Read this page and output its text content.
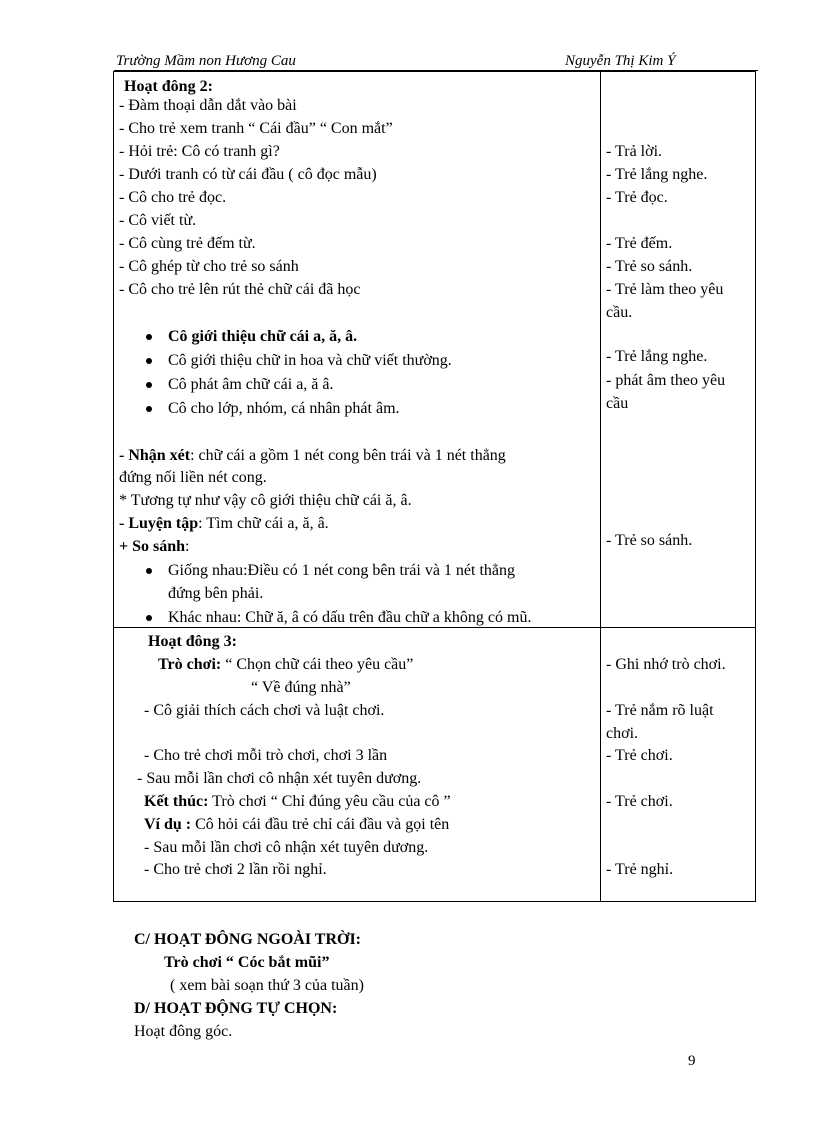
Trường Mầm non Hương Cau	Nguyễn Thị Kim Ý
Hoạt đông 2:
- Đàm thoại dẫn dắt vào bài
- Cho trẻ xem tranh “ Cái đầu” “ Con mắt”
- Hỏi trẻ: Cô có tranh gì?
- Dưới tranh có từ cái đầu ( cô đọc mẫu)
- Cô cho trẻ đọc.
- Cô viết từ.
- Cô cùng trẻ đếm từ.
- Cô ghép từ cho trẻ so sánh
- Cô cho trẻ lên rút thẻ chữ cái đã học
Cô giới thiệu chữ cái a, ă, â.
Cô giới thiệu chữ in hoa và chữ viết thường.
Cô phát âm chữ cái a, ă â.
Cô cho lớp, nhóm, cá nhân phát âm.
- Nhận xét: chữ cái a gồm 1 nét cong bên trái và 1 nét thẳng
đứng nối liền nét cong.
* Tương tự như vậy cô giới thiệu chữ cái ă, â.
- Luyện tập: Tìm chữ cái a, ă, â.
+ So sánh:
Giống nhau:Điều có 1 nét cong bên trái và 1 nét thẳng
đứng bên phải.
Khác nhau: Chữ ă, â có dấu trên đầu chữ a không có mũ.
- Trả lời.
- Trẻ lắng nghe.
- Trẻ đọc.
- Trẻ đếm.
- Trẻ so sánh.
- Trẻ làm theo yêu
cầu.
- Trẻ lắng nghe.
- phát âm theo yêu
cầu
- Trẻ so sánh.
Hoạt đông 3:
Trò chơi: “ Chọn chữ cái theo yêu cầu”
“ Về đúng nhà”
- Cô giải thích cách chơi và luật chơi.
- Cho trẻ chơi mỗi trò chơi, chơi 3 lần
- Sau mỗi lần chơi cô nhận xét tuyên dương.
Kết thúc: Trò chơi “ Chỉ đúng yêu cầu của cô ”
Ví dụ : Cô hỏi cái đầu trẻ chỉ cái đầu và gọi tên
- Sau mỗi lần chơi cô nhận xét tuyên dương.
- Cho trẻ chơi 2 lần rồi nghỉ.
- Ghi nhớ trò chơi.
- Trẻ nắm rõ luật
chơi.
- Trẻ chơi.
- Trẻ chơi.
- Trẻ nghỉ.
C/ HOẠT ĐÔNG NGOÀI TRỜI:
Trò chơi “ Cóc bắt mũi”
( xem bài soạn thứ 3 của tuần)
D/ HOẠT ĐỘNG TỰ CHỌN:
Hoạt đông góc.
9
